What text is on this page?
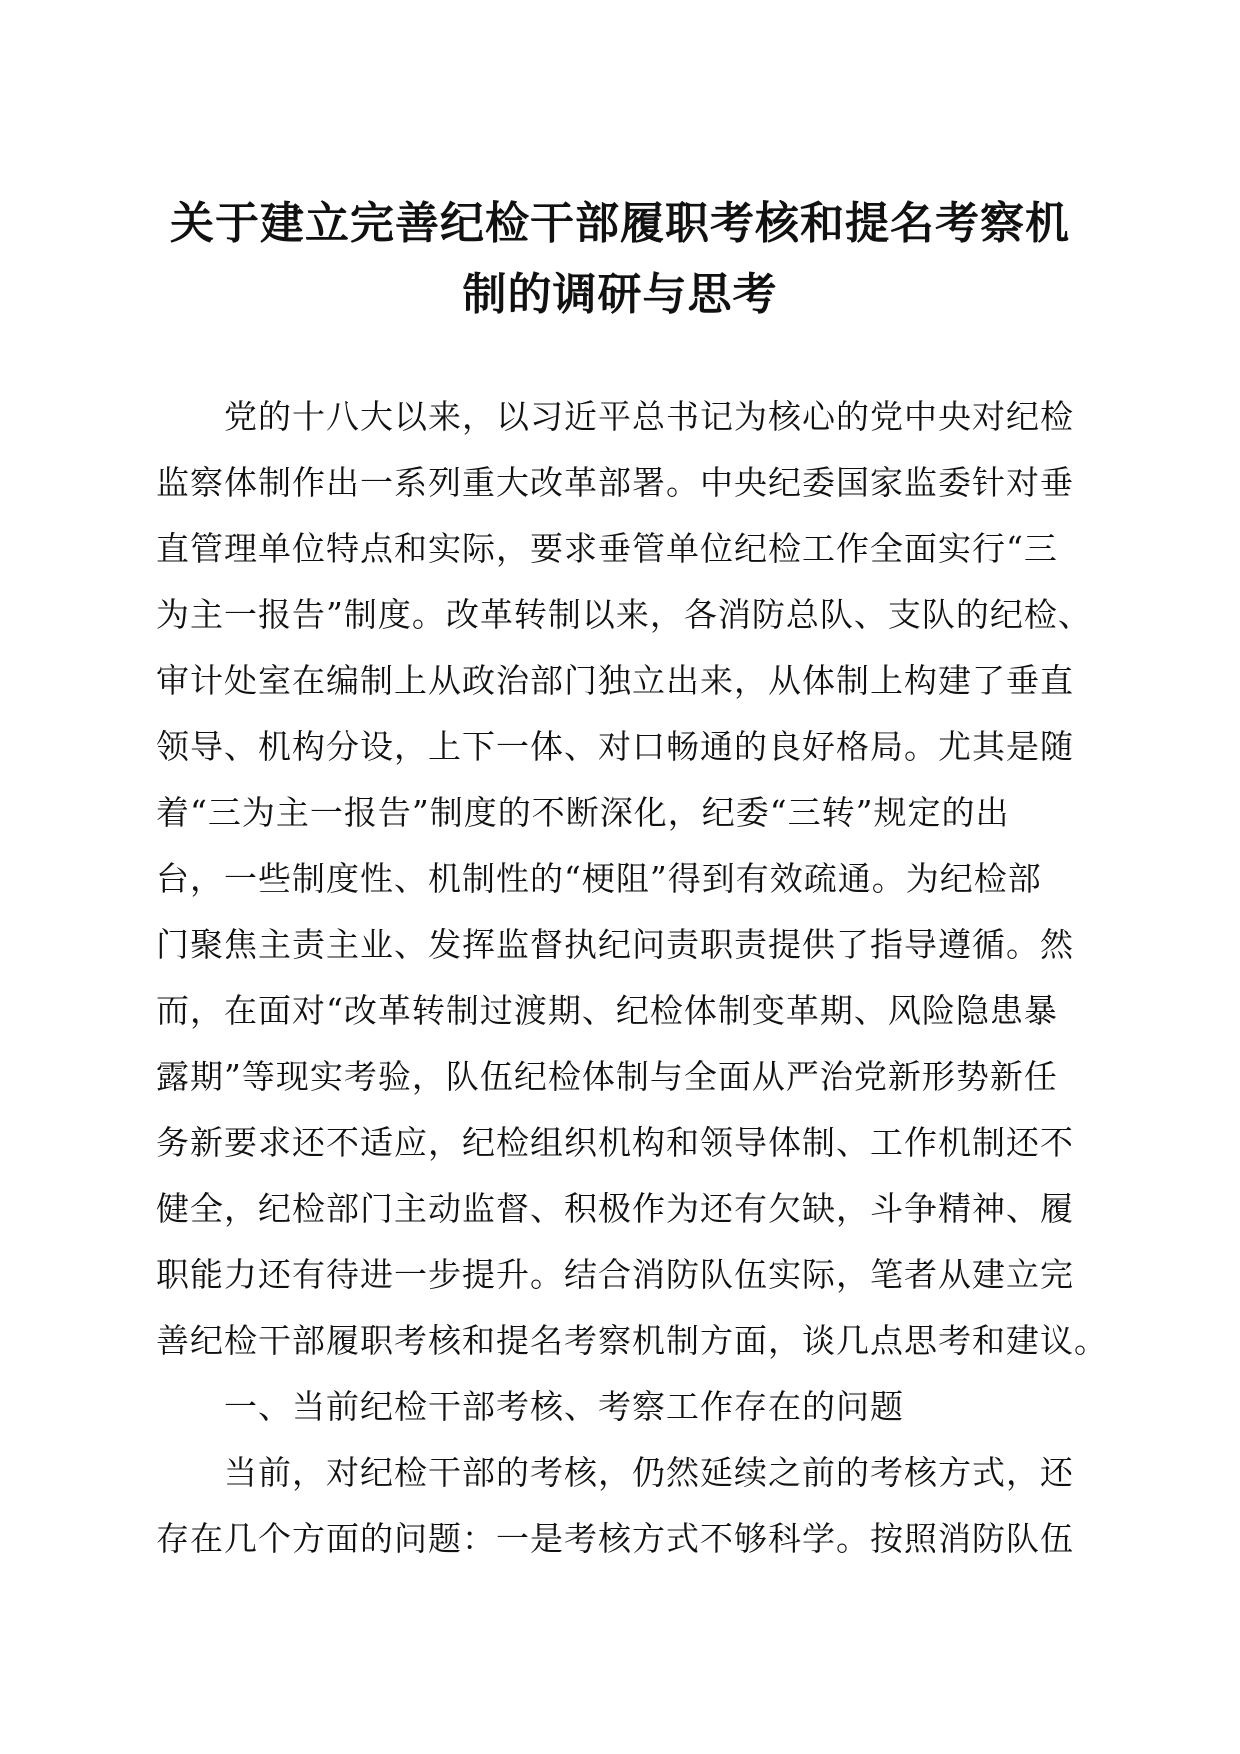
关于建立完善纪检干部履职考核和提名考察机
制的调研与思考
党的十八大以来，以习近平总书记为核心的党中央对纪检
监察体制作出一系列重大改革部署。中央纪委国家监委针对垂
直管理单位特点和实际，要求垂管单位纪检工作全面实行“三
为主一报告”制度。改革转制以来，各消防总队、支队的纪检、
审计处室在编制上从政治部门独立出来，从体制上构建了垂直
领导、机构分设，上下一体、对口畅通的良好格局。尤其是随
着“三为主一报告”制度的不断深化，纪委“三转”规定的出
台，一些制度性、机制性的“梗阻”得到有效疏通。为纪检部
门聚焦主责主业、发挥监督执纪问责职责提供了指导遵循。然
而，在面对“改革转制过渡期、纪检体制变革期、风险隐患暴
露期”等现实考验，队伍纪检体制与全面从严治党新形势新任
务新要求还不适应，纪检组织机构和领导体制、工作机制还不
健全，纪检部门主动监督、积极作为还有欠缺，斗争精神、履
职能力还有待进一步提升。结合消防队伍实际，笔者从建立完
善纪检干部履职考核和提名考察机制方面，谈几点思考和建议。
一、当前纪检干部考核、考察工作存在的问题
当前，对纪检干部的考核，仍然延续之前的考核方式，还
存在几个方面的问题：一是考核方式不够科学。按照消防队伍
